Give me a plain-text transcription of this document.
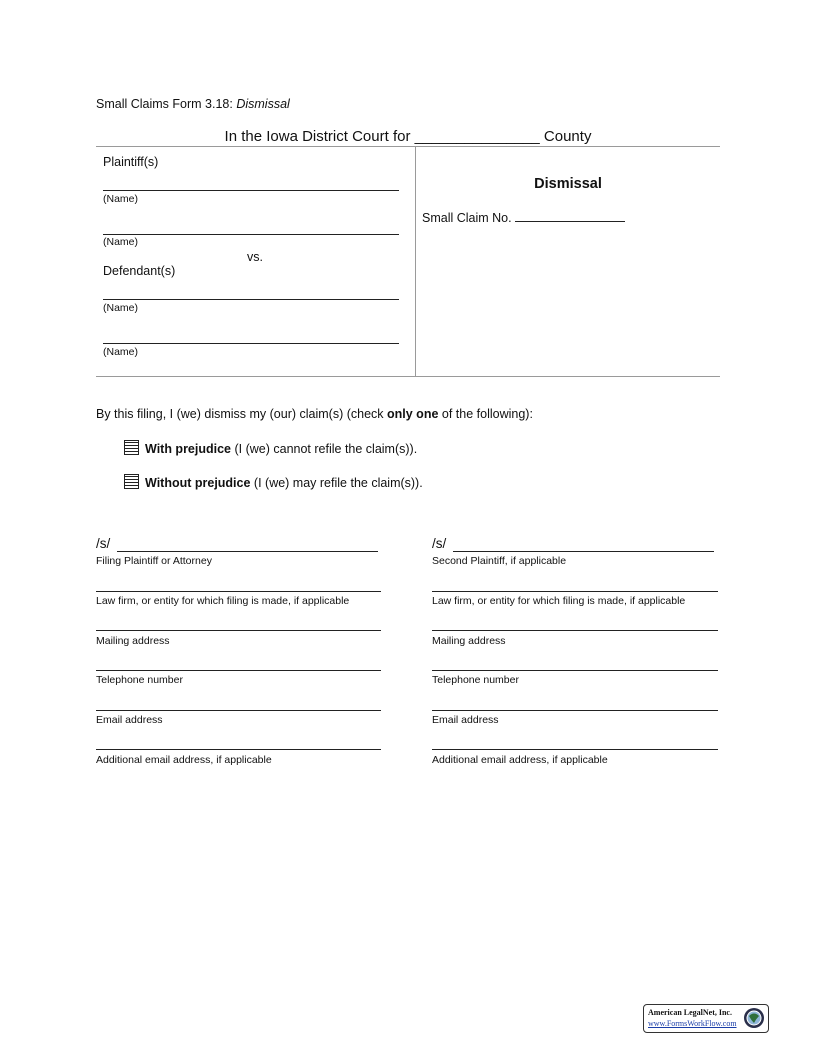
Small Claims Form 3.18: Dismissal
In the Iowa District Court for _______________ County
Plaintiff(s)
(Name)
(Name)
vs.
Defendant(s)
(Name)
(Name)
Dismissal
Small Claim No.
By this filing, I (we) dismiss my (our) claim(s) (check only one of the following):
With prejudice (I (we) cannot refile the claim(s)).
Without prejudice (I (we) may refile the claim(s)).
/s/
Filing Plaintiff or Attorney
Law firm, or entity for which filing is made, if applicable
Mailing address
Telephone number
Email address
Additional email address, if applicable
/s/
Second Plaintiff, if applicable
Law firm, or entity for which filing is made, if applicable
Mailing address
Telephone number
Email address
Additional email address, if applicable
American LegalNet, Inc.
www.FormsWorkFlow.com
